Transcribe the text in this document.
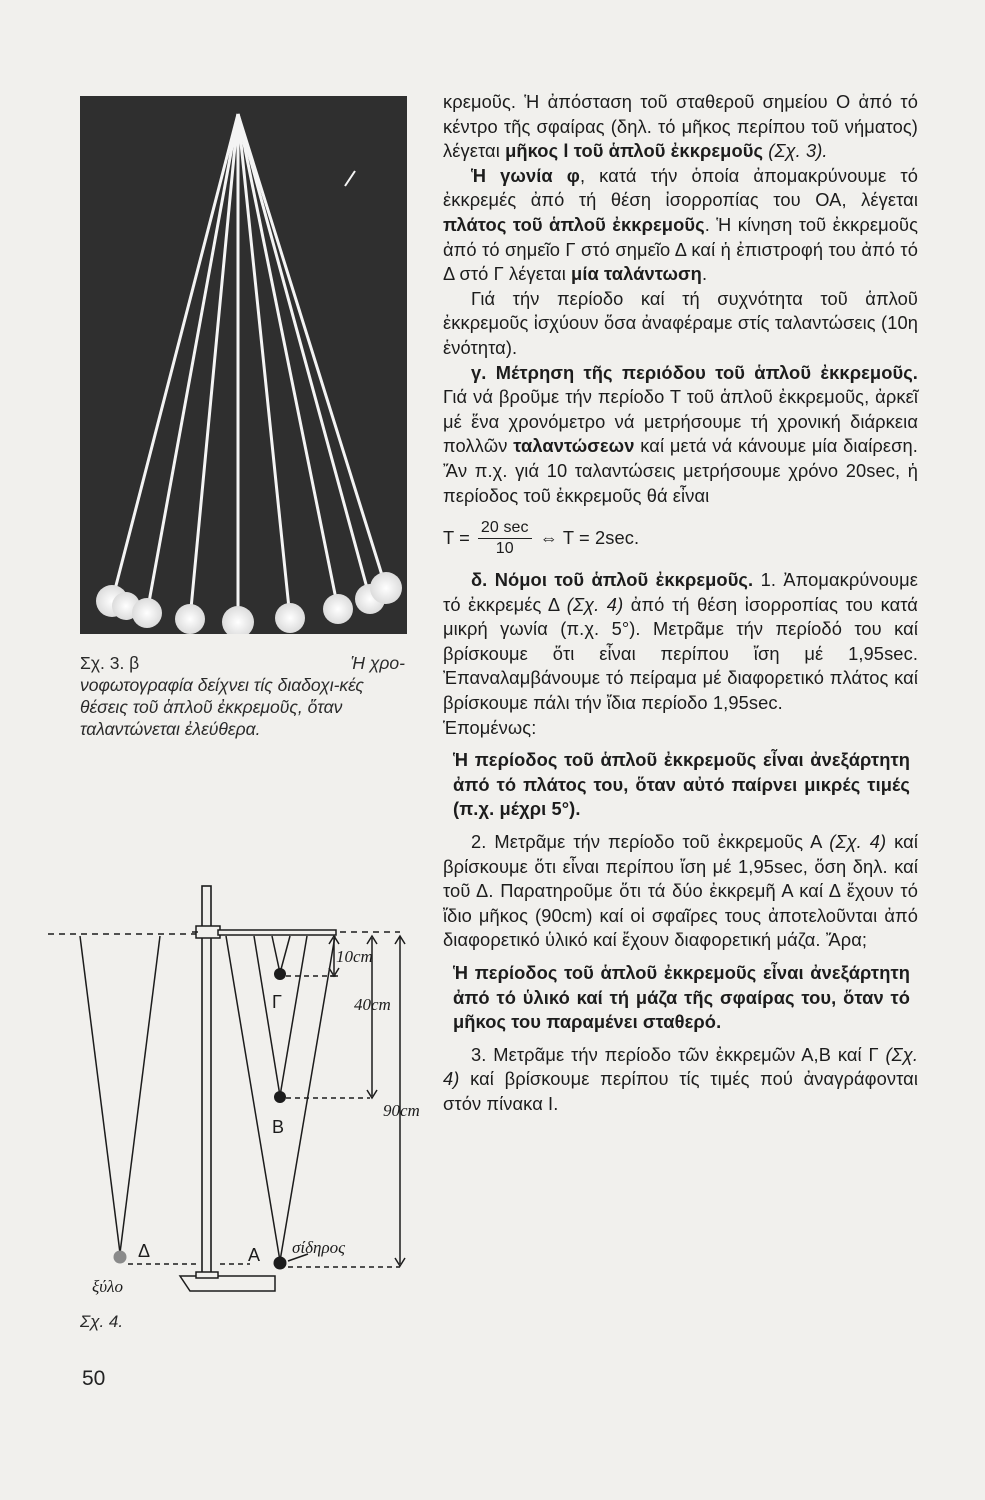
Σχ. 3. β	Ἡ χρο-
νοφωτογραφία δείχνει τίς διαδοχι-κές θέσεις τοῦ ἁπλοῦ ἐκκρεμοῦς, ὅταν ταλαντώνεται ἐλεύθερα.
10cm
40cm
90cm
Γ
Β
Α
Δ	σίδηρος
ξύλο
Σχ. 4.
50

κρεμοῦς. Ἡ ἀπόσταση τοῦ σταθεροῦ σημείου Ο ἀπό τό κέντρο τῆς σφαίρας (δηλ. τό μῆκος περίπου τοῦ νήματος) λέγεται μῆκος l τοῦ ἁπλοῦ ἐκκρεμοῦς (Σχ. 3).

Ἡ γωνία φ, κατά τήν ὁποία ἀπομακρύνουμε τό ἐκκρεμές ἀπό τή θέση ἰσορροπίας του ΟΑ, λέγεται πλάτος τοῦ ἁπλοῦ ἐκκρεμοῦς. Ἡ κίνηση τοῦ ἐκκρεμοῦς ἀπό τό σημεῖο Γ στό σημεῖο Δ καί ἡ ἐπιστροφή του ἀπό τό Δ στό Γ λέγεται μία ταλάντωση.

Γιά τήν περίοδο καί τή συχνότητα τοῦ ἁπλοῦ ἐκκρεμοῦς ἰσχύουν ὅσα ἀναφέραμε στίς ταλαντώσεις (10η ἑνότητα).

γ. Μέτρηση τῆς περιόδου τοῦ ἁπλοῦ ἐκκρεμοῦς. Γιά νά βροῦμε τήν περίοδο Τ τοῦ ἁπλοῦ ἐκκρεμοῦς, ἀρκεῖ μέ ἕνα χρονόμετρο νά μετρήσουμε τή χρονική διάρκεια πολλῶν ταλαντώσεων καί μετά νά κάνουμε μία διαίρεση. Ἄν π.χ. γιά 10 ταλαντώσεις μετρήσουμε χρόνο 20sec, ἡ περίοδος τοῦ ἐκκρεμοῦς θά εἶναι

T = 20 sec
10
⇔ T = 2sec.

δ. Νόμοι τοῦ ἁπλοῦ ἐκκρεμοῦς. 1. Ἀπομακρύνουμε τό ἐκκρεμές Δ (Σχ. 4) ἀπό τή θέση ἰσορροπίας του κατά μικρή γωνία (π.χ. 5°). Μετρᾶμε τήν περίοδό του καί βρίσκουμε ὅτι εἶναι περίπου ἴση μέ 1,95sec. Ἐπαναλαμβάνουμε τό πείραμα μέ διαφορετικό πλάτος καί βρίσκουμε πάλι τήν ἴδια περίοδο 1,95sec.

Ἑπομένως:

Ἡ περίοδος τοῦ ἁπλοῦ ἐκκρεμοῦς εἶναι ἀνεξάρτητη ἀπό τό πλάτος του, ὅταν αὐτό παίρνει μικρές τιμές (π.χ. μέχρι 5°).

2. Μετρᾶμε τήν περίοδο τοῦ ἐκκρεμοῦς Α (Σχ. 4) καί βρίσκουμε ὅτι εἶναι περίπου ἴση μέ 1,95sec, ὅση δηλ. καί τοῦ Δ. Παρατηροῦμε ὅτι τά δύο ἐκκρεμῆ Α καί Δ ἔχουν τό ἴδιο μῆκος (90cm) καί οἱ σφαῖρες τους ἀποτελοῦνται ἀπό διαφορετικό ὑλικό καί ἔχουν διαφορετική μάζα. Ἄρα;

Ἡ περίοδος τοῦ ἁπλοῦ ἐκκρεμοῦς εἶναι ἀνεξάρτητη ἀπό τό ὑλικό καί τή μάζα τῆς σφαίρας του, ὅταν τό μῆκος του παραμένει σταθερό.

3. Μετρᾶμε τήν περίοδο τῶν ἐκκρεμῶν Α,Β καί Γ (Σχ. 4) καί βρίσκουμε περίπου τίς τιμές πού ἀναγράφονται στόν πίνακα Ι.
